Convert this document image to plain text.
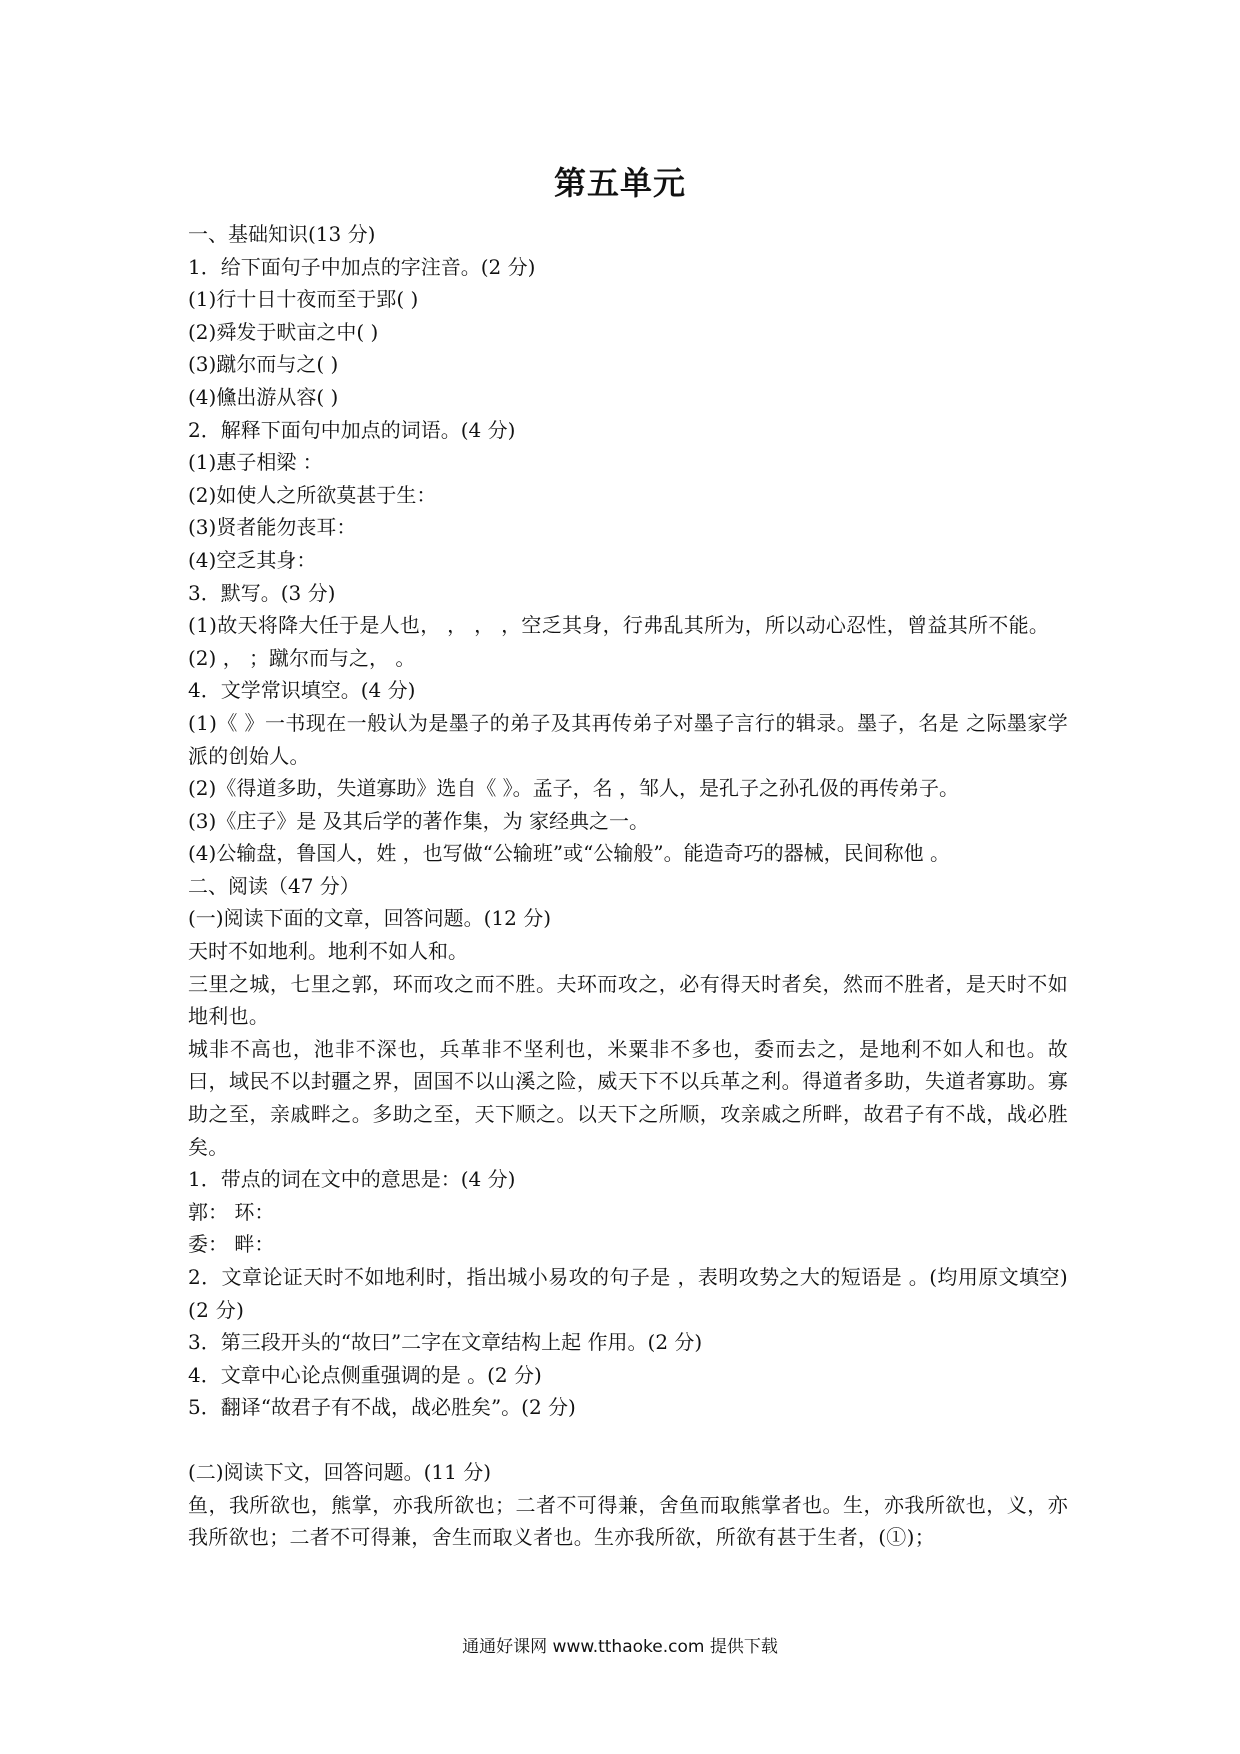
第五单元

一、基础知识(13 分)

1．给下面句子中加点的字注音。(2 分)

(1)行十日十夜而至于郢( )

(2)舜发于畎亩之中( )

(3)蹴尔而与之( )

(4)儵出游从容( )

2．解释下面句中加点的词语。(4 分)

(1)惠子相梁 ：

(2)如使人之所欲莫甚于生：

(3)贤者能勿丧耳：

(4)空乏其身：

3．默写。(3 分)

(1)故天将降大任于是人也， ， ， ，空乏其身，行弗乱其所为，所以动心忍性，曾益其所不能。

(2) ， ；蹴尔而与之， 。

4．文学常识填空。(4 分)

(1)《 》一书现在一般认为是墨子的弟子及其再传弟子对墨子言行的辑录。墨子，名是 之际墨家学派的创始人。

(2)《得道多助，失道寡助》选自《 》。孟子，名 ，邹人，是孔子之孙孔伋的再传弟子。

(3)《庄子》是 及其后学的著作集，为 家经典之一。

(4)公输盘，鲁国人，姓 ，也写做“公输班”或“公输般”。能造奇巧的器械，民间称他 。

二、阅读（47 分）

(一)阅读下面的文章，回答问题。(12 分)

天时不如地利。地利不如人和。

三里之城，七里之郭，环而攻之而不胜。夫环而攻之，必有得天时者矣，然而不胜者，是天时不如地利也。

城非不高也，池非不深也，兵革非不坚利也，米粟非不多也，委而去之，是地利不如人和也。故曰，域民不以封疆之界，固国不以山溪之险，威天下不以兵革之利。得道者多助，失道者寡助。寡助之至，亲戚畔之。多助之至，天下顺之。以天下之所顺，攻亲戚之所畔，故君子有不战，战必胜矣。

1．带点的词在文中的意思是：(4 分)

郭： 环：

委： 畔：

2．文章论证天时不如地利时，指出城小易攻的句子是 ，表明攻势之大的短语是 。(均用原文填空)(2 分)

3．第三段开头的“故曰”二字在文章结构上起 作用。(2 分)

4．文章中心论点侧重强调的是 。(2 分)

5．翻译“故君子有不战，战必胜矣”。(2 分)

(二)阅读下文，回答问题。(11 分)

鱼，我所欲也，熊掌，亦我所欲也；二者不可得兼，舍鱼而取熊掌者也。生，亦我所欲也，义，亦我所欲也；二者不可得兼，舍生而取义者也。生亦我所欲，所欲有甚于生者，(①)；

通通好课网 www.tthaoke.com 提供下载
